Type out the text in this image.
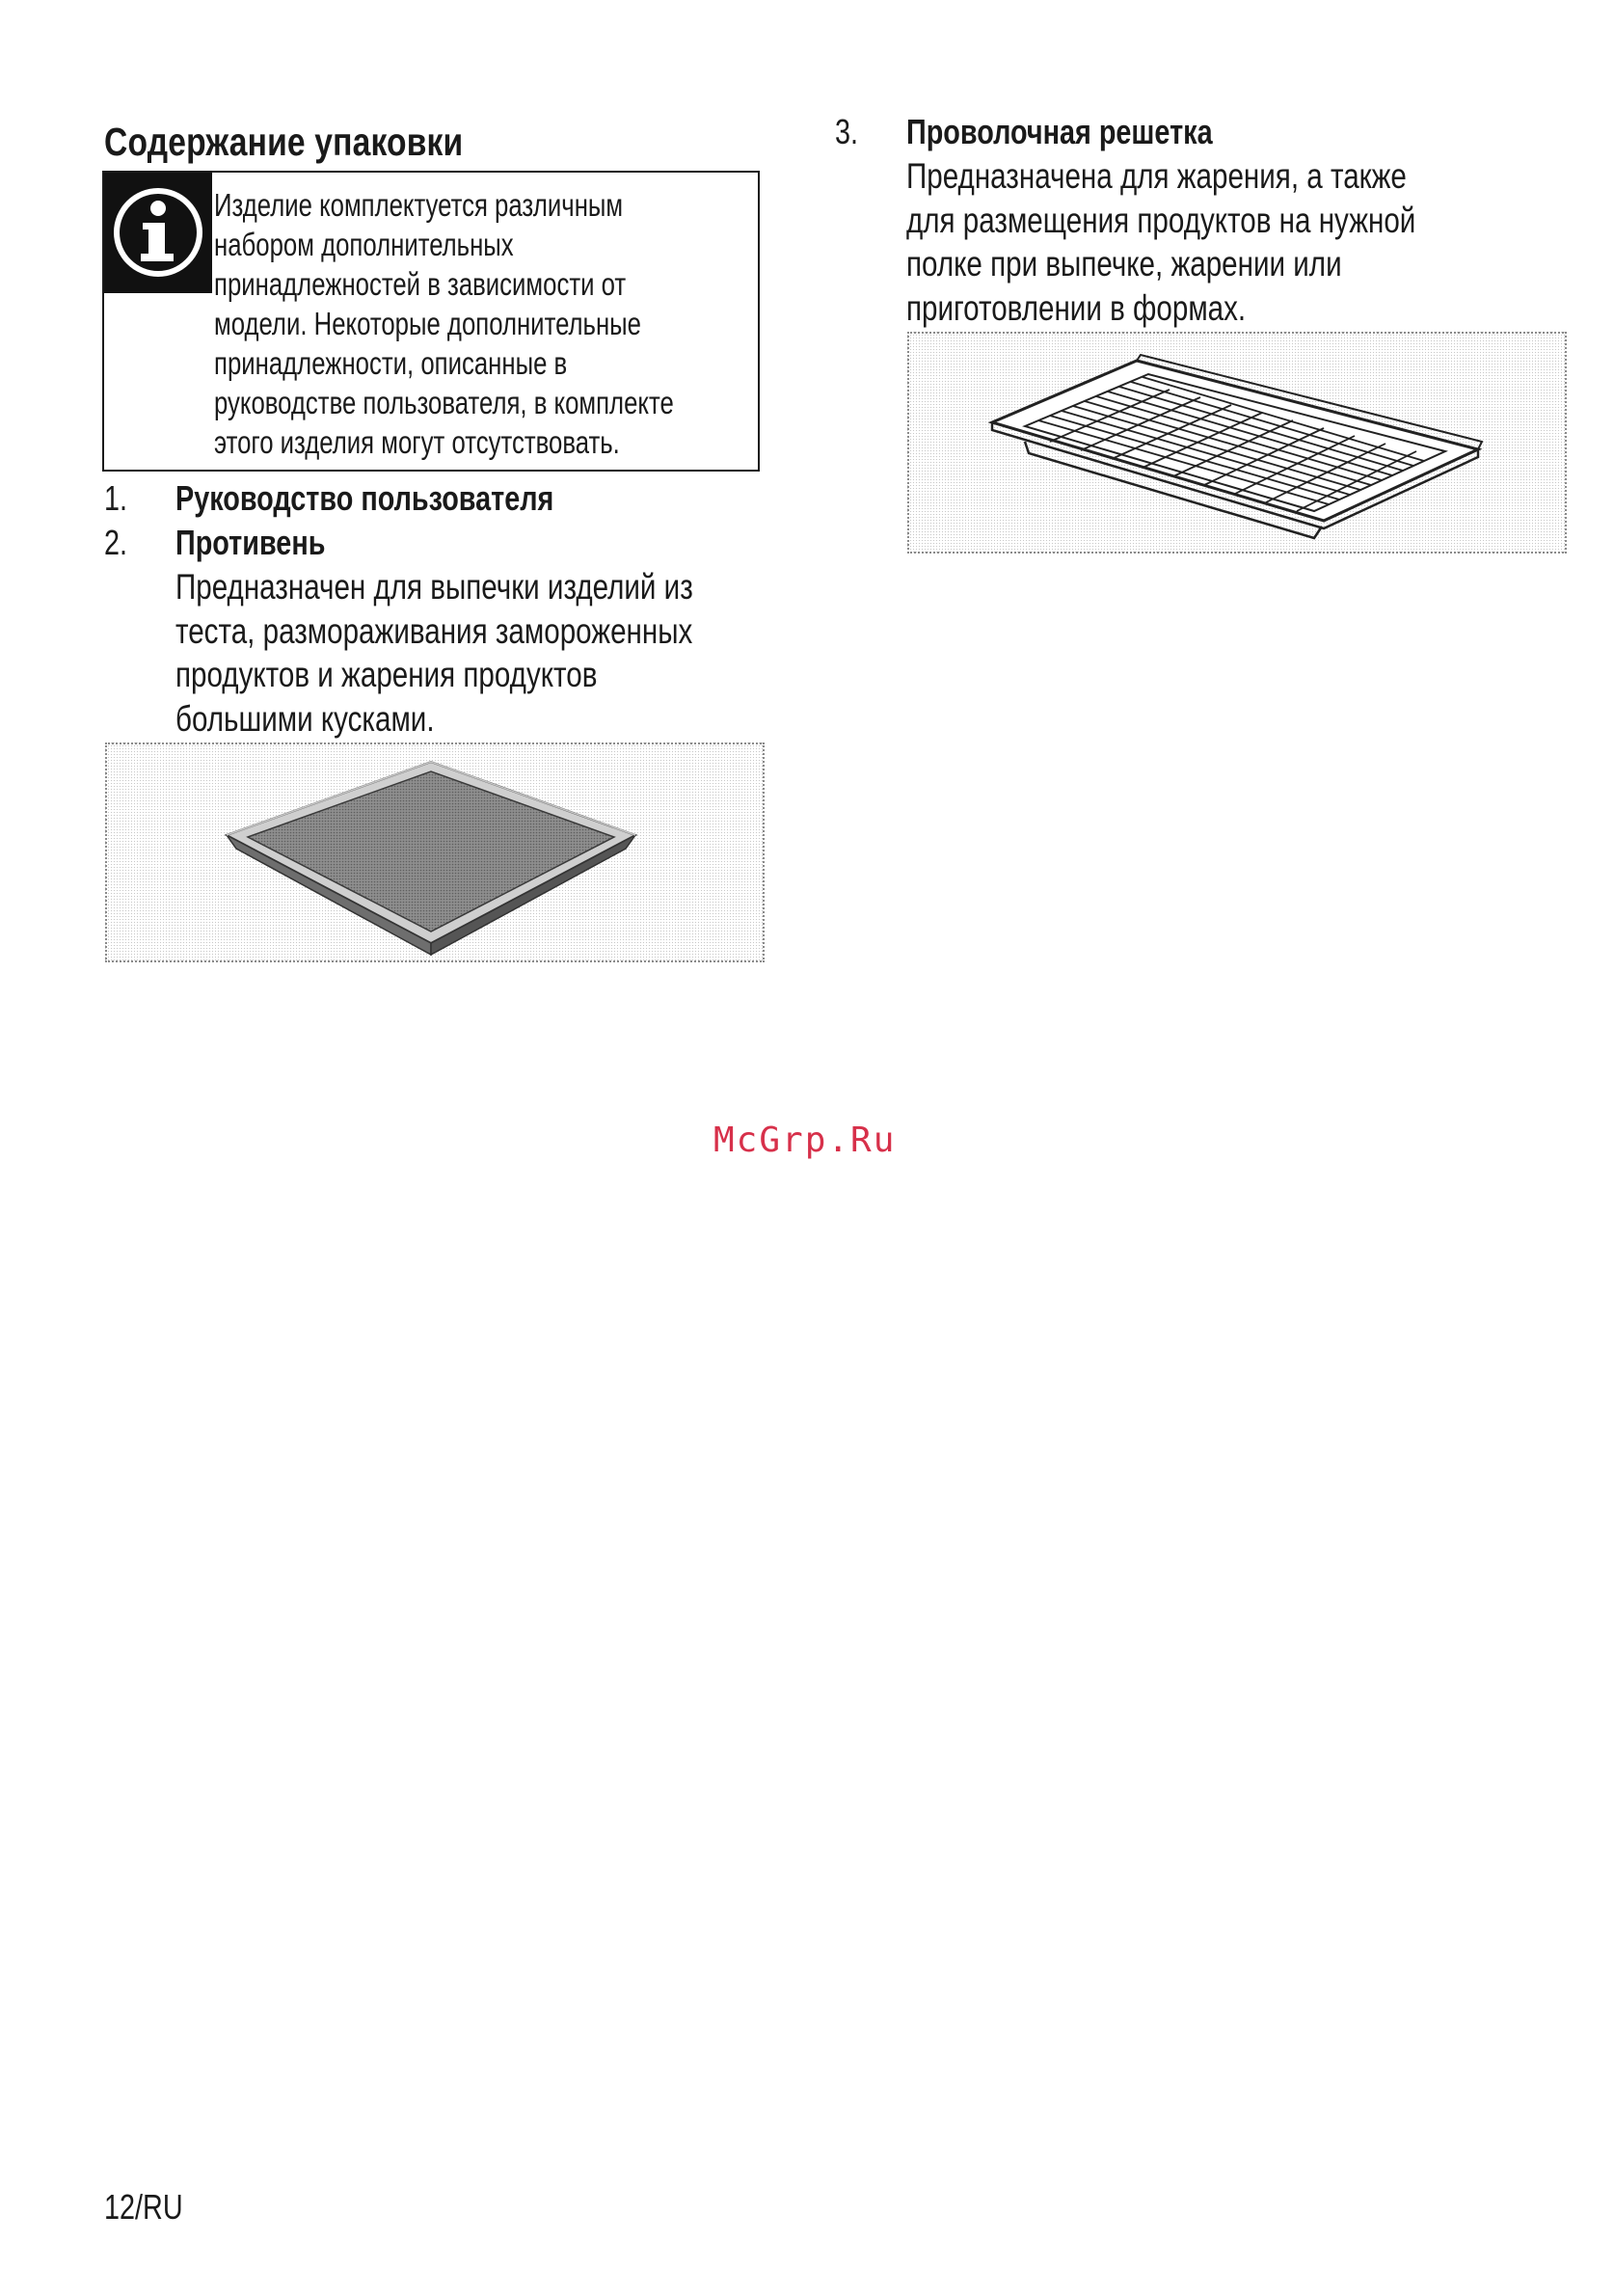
Содержание упаковки
Изделие комплектуется различным
набором дополнительных
принадлежностей в зависимости от
модели. Некоторые дополнительные
принадлежности, описанные в
руководстве пользователя, в комплекте
этого изделия могут отсутствовать.
1. Руководство пользователя
2. Противень
Предназначен для выпечки изделий из
теста, размораживания замороженных
продуктов и жарения продуктов
большими кусками.
3. Проволочная решетка
Предназначена для жарения, а также
для размещения продуктов на нужной
полке при выпечке, жарении или
приготовлении в формах.
McGrp.Ru
12/RU
